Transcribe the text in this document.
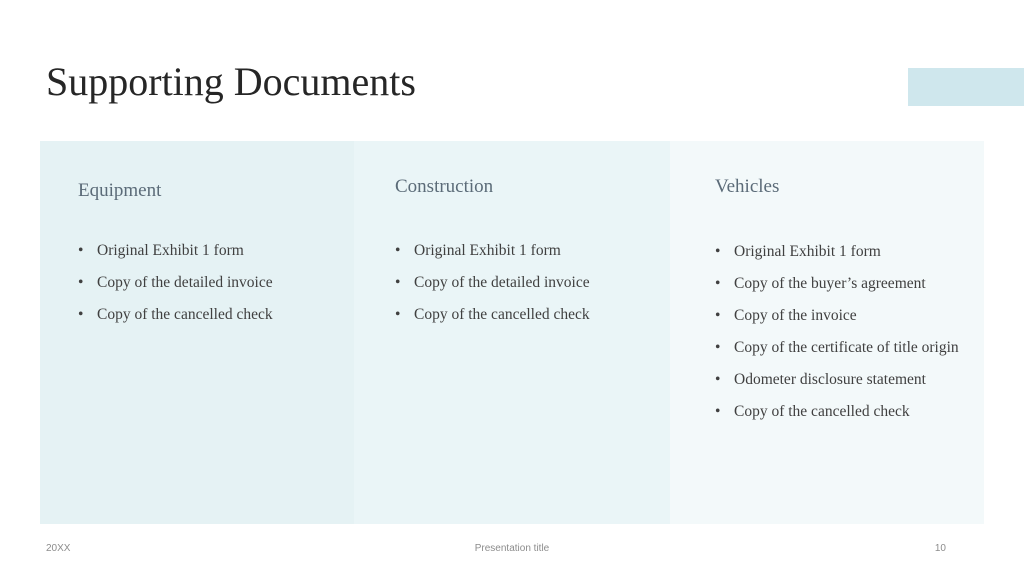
Supporting Documents
Equipment
• Original Exhibit 1 form
• Copy of the detailed invoice
• Copy of the cancelled check
Construction
• Original Exhibit 1 form
• Copy of the detailed invoice
• Copy of the cancelled check
Vehicles
• Original Exhibit 1 form
• Copy of the buyer’s agreement
• Copy of the invoice
• Copy of the certificate of title origin
• Odometer disclosure statement
• Copy of the cancelled check
20XX	Presentation title	10
